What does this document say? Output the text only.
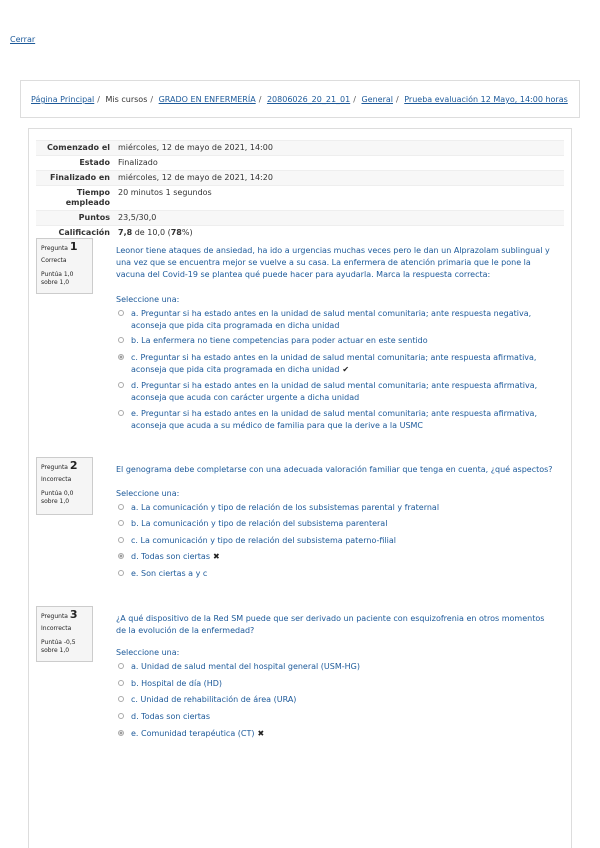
Cerrar
Página Principal / Mis cursos / GRADO EN ENFERMERÍA / 20806026_20_21_01 / General / Prueba evaluación 12 Mayo, 14:00 horas
Comenzado el	miércoles, 12 de mayo de 2021, 14:00
Estado	Finalizado
Finalizado en	miércoles, 12 de mayo de 2021, 14:20
Tiempo empleado	20 minutos 1 segundos
Puntos	23,5/30,0
Calificación	7,8 de 10,0 (78%)
Pregunta 1
Correcta
Puntúa 1,0 sobre 1,0
Leonor tiene ataques de ansiedad, ha ido a urgencias muchas veces pero le dan un Alprazolam sublingual y una vez que se encuentra mejor se vuelve a su casa. La enfermera de atención primaria que le pone la vacuna del Covid-19 se plantea qué puede hacer para ayudarla. Marca la respuesta correcta:
Seleccione una:
a. Preguntar si ha estado antes en la unidad de salud mental comunitaria; ante respuesta negativa, aconseja que pida cita programada en dicha unidad
b. La enfermera no tiene competencias para poder actuar en este sentido
c. Preguntar si ha estado antes en la unidad de salud mental comunitaria; ante respuesta afirmativa, aconseja que pida cita programada en dicha unidad ✔
d. Preguntar si ha estado antes en la unidad de salud mental comunitaria; ante respuesta afirmativa, aconseja que acuda con carácter urgente a dicha unidad
e. Preguntar si ha estado antes en la unidad de salud mental comunitaria; ante respuesta afirmativa, aconseja que acuda a su médico de familia para que la derive a la USMC
Pregunta 2
Incorrecta
Puntúa 0,0 sobre 1,0
El genograma debe completarse con una adecuada valoración familiar que tenga en cuenta, ¿qué aspectos?
Seleccione una:
a. La comunicación y tipo de relación de los subsistemas parental y fraternal
b. La comunicación y tipo de relación del subsistema parenteral
c. La comunicación y tipo de relación del subsistema paterno-filial
d. Todas son ciertas ✖
e. Son ciertas a y c
Pregunta 3
Incorrecta
Puntúa -0,5 sobre 1,0
¿A qué dispositivo de la Red SM puede que ser derivado un paciente con esquizofrenia en otros momentos de la evolución de la enfermedad?
Seleccione una:
a. Unidad de salud mental del hospital general (USM-HG)
b. Hospital de día (HD)
c. Unidad de rehabilitación de área (URA)
d. Todas son ciertas
e. Comunidad terapéutica (CT) ✖
